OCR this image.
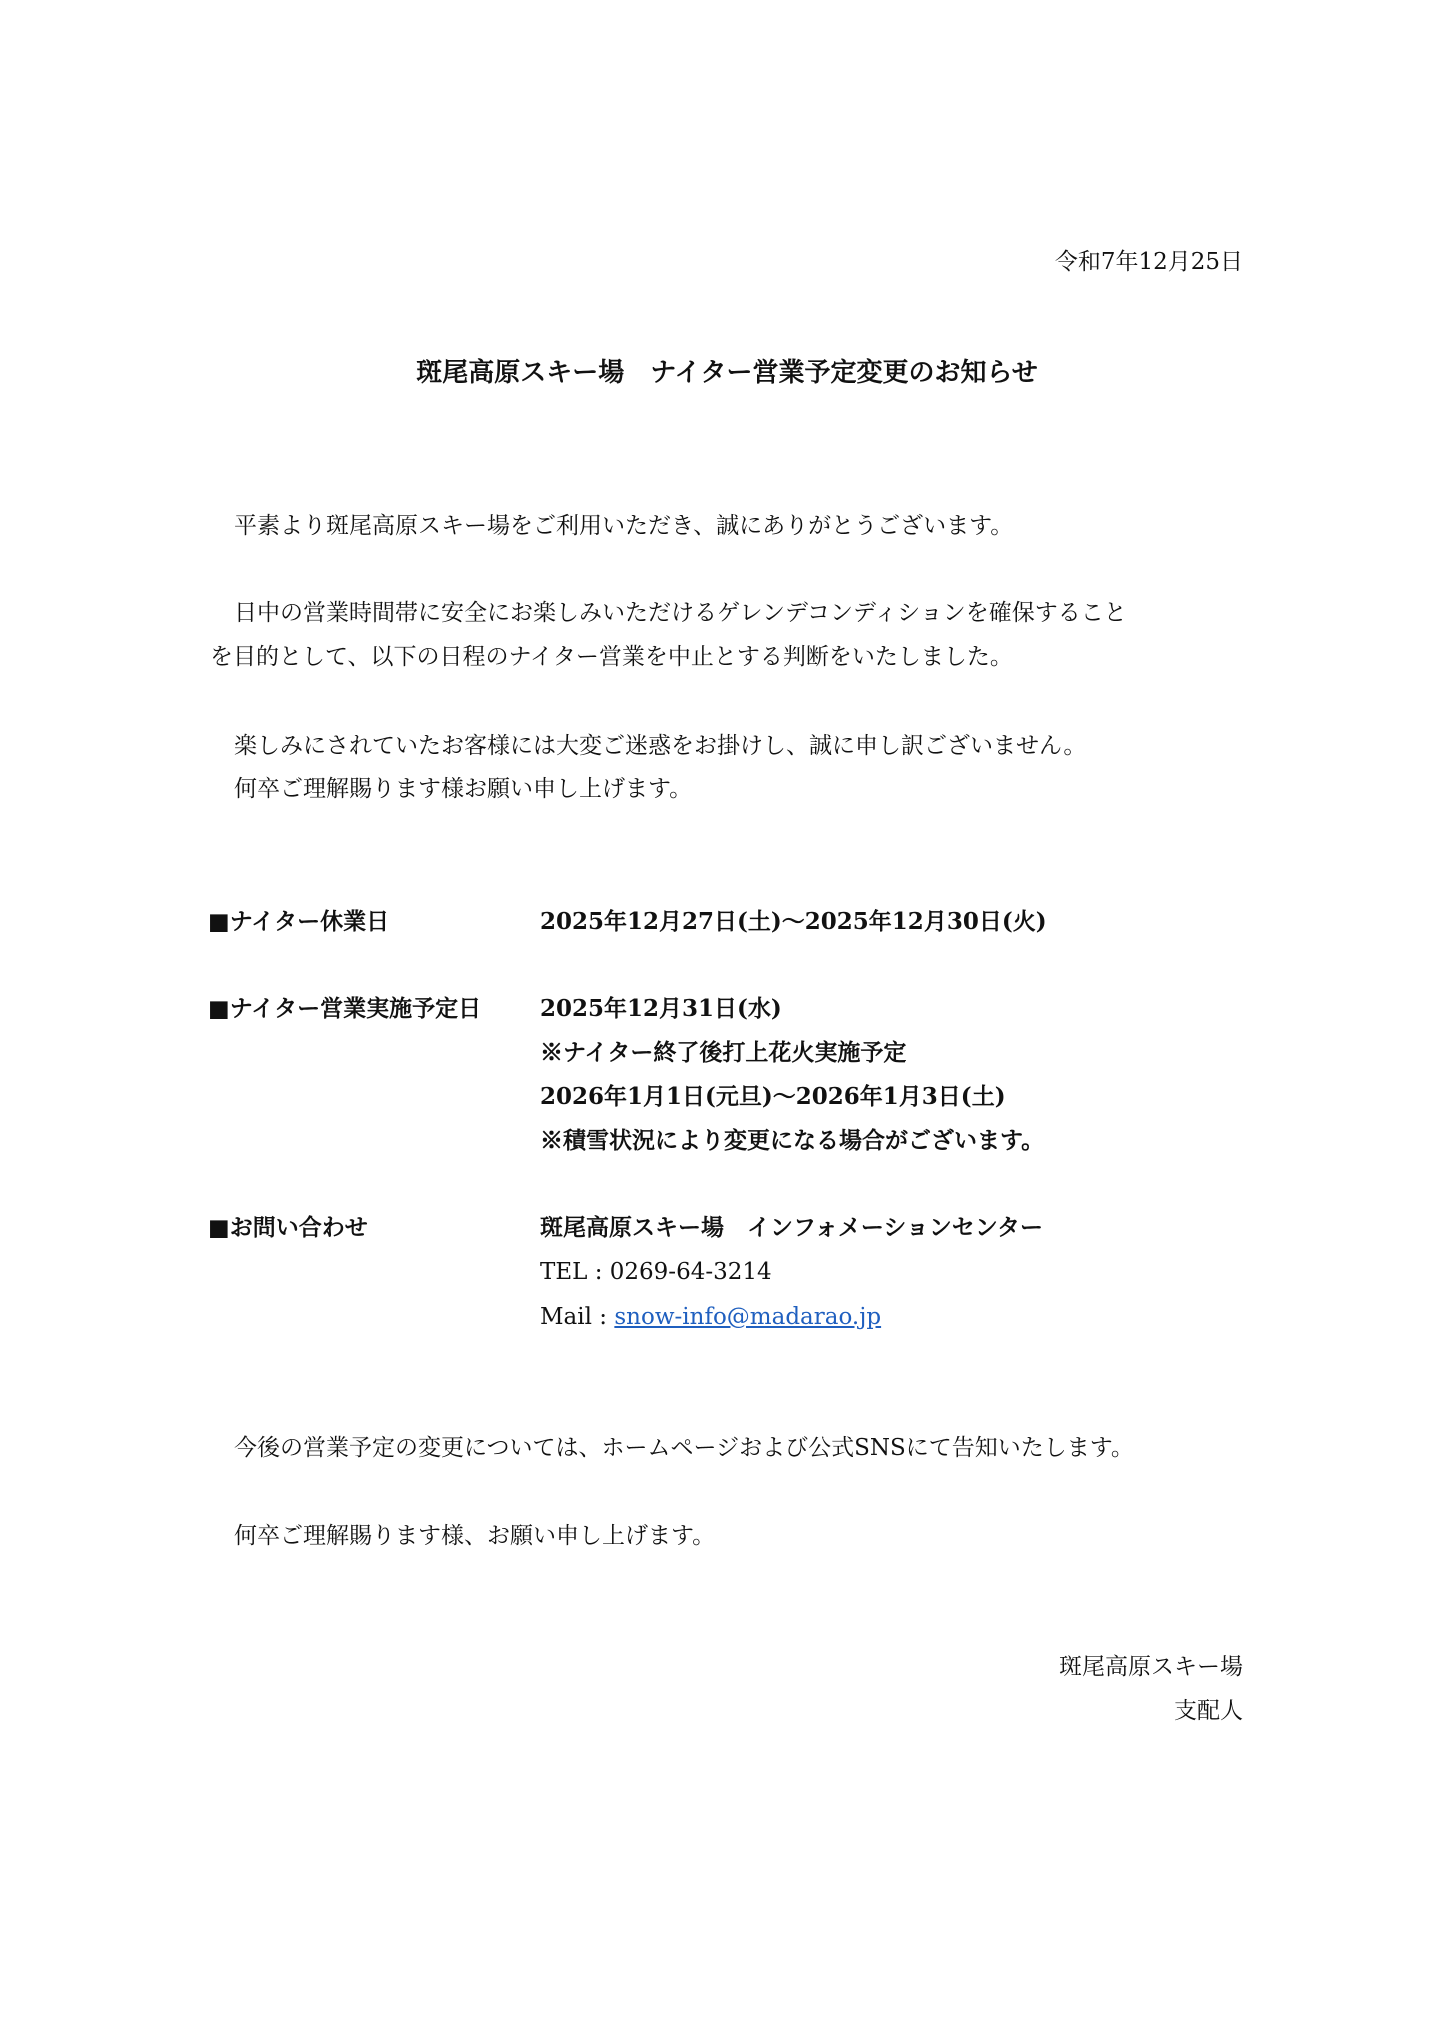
令和7年12月25日
斑尾高原スキー場　ナイター営業予定変更のお知らせ
平素より斑尾高原スキー場をご利用いただき、誠にありがとうございます。
日中の営業時間帯に安全にお楽しみいただけるゲレンデコンディションを確保すること
を目的として、以下の日程のナイター営業を中止とする判断をいたしました。
楽しみにされていたお客様には大変ご迷惑をお掛けし、誠に申し訳ございません。
何卒ご理解賜ります様お願い申し上げます。
■ナイター休業日	2025年12月27日(土)～2025年12月30日(火)
■ナイター営業実施予定日	2025年12月31日(水)
※ナイター終了後打上花火実施予定
2026年1月1日(元旦)～2026年1月3日(土)
※積雪状況により変更になる場合がございます。
■お問い合わせ	斑尾高原スキー場　インフォメーションセンター
TEL : 0269-64-3214
Mail : snow-info@madarao.jp
今後の営業予定の変更については、ホームページおよび公式SNSにて告知いたします。
何卒ご理解賜ります様、お願い申し上げます。
斑尾高原スキー場
支配人
